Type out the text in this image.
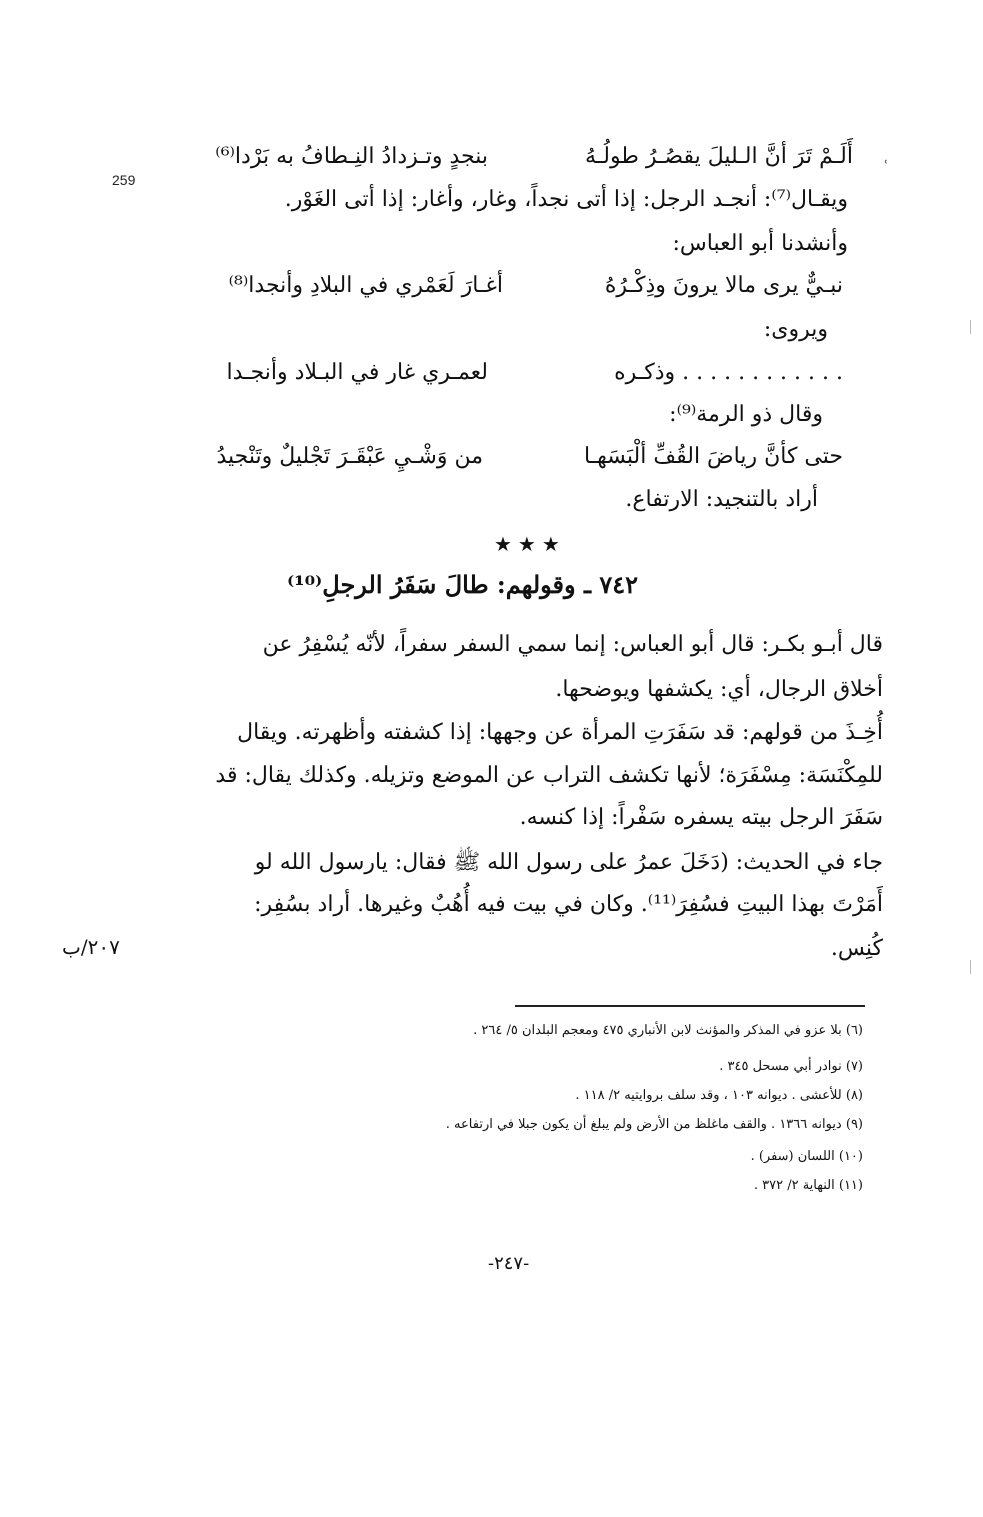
˓
259
٢٠٧/ب
أَلَـمْ تَرَ أنَّ الـليلَ يقصُـرُ طولُـهُ
بنجدٍ وتـزدادُ النِـطافُ به بَرْدا⁽⁶⁾
ويقـال⁽⁷⁾: أنجـد الرجل: إذا أتى نجداً، وغار، وأغار: إذا أتى الغَوْر.
وأنشدنا أبو العباس:
نبـيٌّ يرى مالا يرونَ وذِكْـرُهُ
أغـارَ لَعَمْري في البلادِ وأنجدا⁽⁸⁾
ويروى:
. . . . . . . . . . . . وذكـره
لعمـري غار في البـلاد وأنجـدا
وقال ذو الرمة⁽⁹⁾:
حتى كأنَّ رياضَ القُفِّ ألْبَسَهـا
من وَشْـيِ عَبْقَـرَ تَجْليلٌ وتَنْجيدُ
أراد بالتنجيد: الارتفاع.
★★★
٧٤٢ ـ وقولهم: طالَ سَفَرُ الرجلِ⁽¹⁰⁾
قال أبـو بكـر: قال أبو العباس: إنما سمي السفر سفراً، لأنّه يُسْفِرُ عن
أخلاق الرجال، أي: يكشفها ويوضحها.
أُخِـذَ من قولهم: قد سَفَرَتِ المرأة عن وجهها: إذا كشفته وأظهرته. ويقال
للمِكْنَسَة: مِسْفَرَة؛ لأنها تكشف التراب عن الموضع وتزيله. وكذلك يقال: قد
سَفَرَ الرجل بيته يسفره سَفْراً: إذا كنسه.
جاء في الحديث: (دَخَلَ عمرُ على رسول الله ﷺ فقال: يارسول الله لو
أَمَرْتَ بهذا البيتِ فسُفِرَ⁽¹¹⁾. وكان في بيت فيه أُهُبٌ وغيرها. أراد بسُفِر:
كُنِس.
(٦) بلا عزو في المذكر والمؤنث لابن الأنباري ٤٧٥ ومعجم البلدان ٥/ ٢٦٤ .
(٧) نوادر أبي مسحل ٣٤٥ .
(٨) للأعشى . ديوانه ١٠٣ ، وقد سلف بروايتيه ٢/ ١١٨ .
(٩) ديوانه ١٣٦٦ . والقف ماغلظ من الأرض ولم يبلغ أن يكون جبلا في ارتفاعه .
(١٠) اللسان (سفر) .
(١١) النهاية ٢/ ٣٧٢ .
-٢٤٧-
